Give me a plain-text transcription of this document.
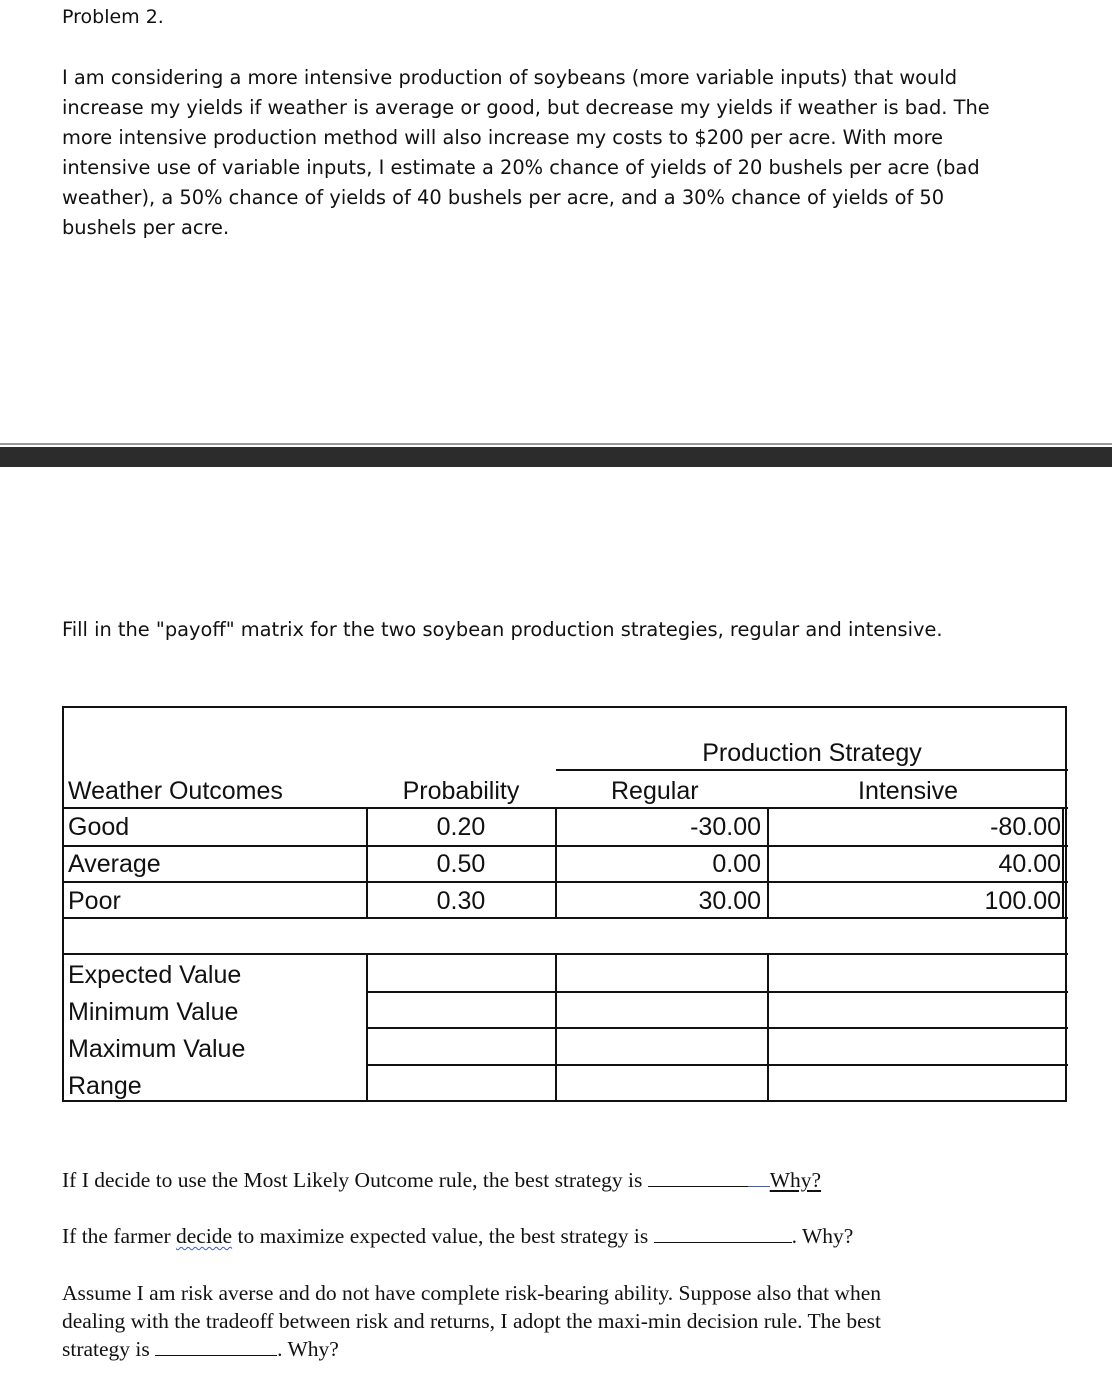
Problem 2.
I am considering a more intensive production of soybeans (more variable inputs) that would
increase my yields if weather is average or good, but decrease my yields if weather is bad. The
more intensive production method will also increase my costs to $200 per acre. With more
intensive use of variable inputs, I estimate a 20% chance of yields of 20 bushels per acre (bad
weather), a 50% chance of yields of 40 bushels per acre, and a 30% chance of yields of 50
bushels per acre.
Fill in the "payoff" matrix for the two soybean production strategies, regular and intensive.
Production Strategy
Weather Outcomes	Probability	Regular	Intensive
Good	0.20	-30.00	-80.00
Average	0.50	0.00	40.00
Poor	0.30	30.00	100.00
Expected Value
Minimum Value
Maximum Value
Range
If I decide to use the Most Likely Outcome rule, the best strategy is	Why?
If the farmer decide to maximize expected value, the best strategy is	. Why?
Assume I am risk averse and do not have complete risk-bearing ability. Suppose also that when
dealing with the tradeoff between risk and returns, I adopt the maxi-min decision rule. The best
strategy is	. Why?
